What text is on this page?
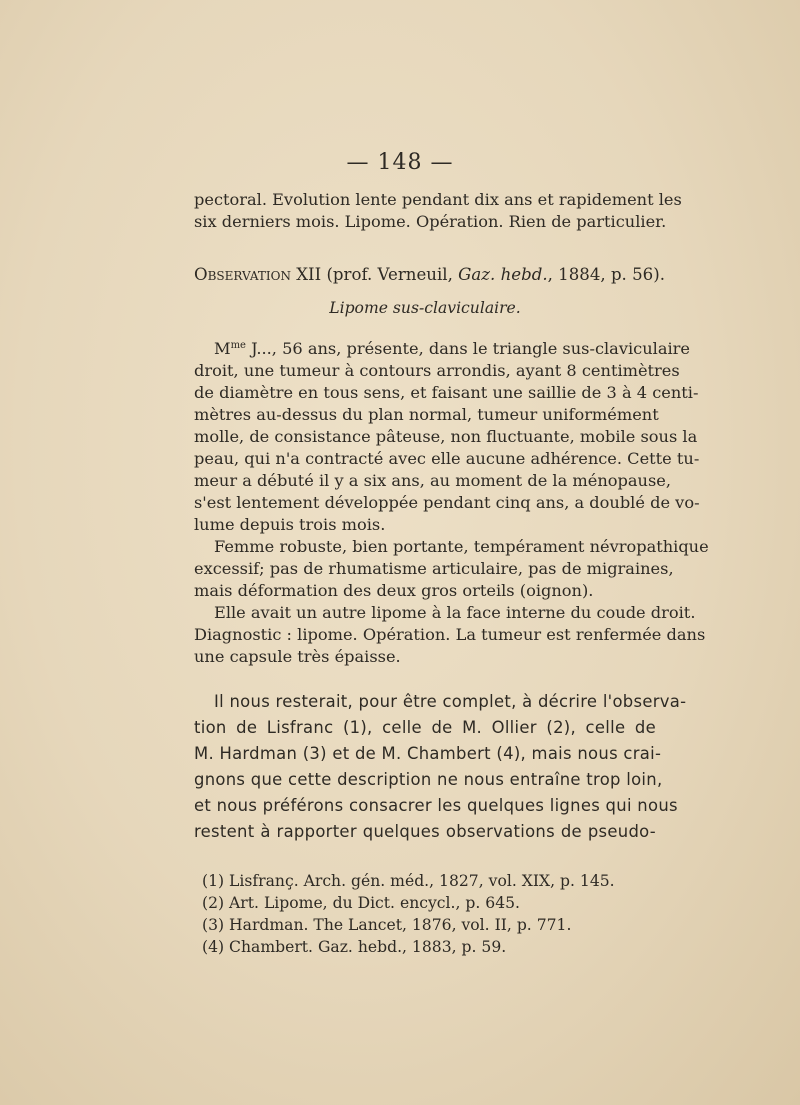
— 148 —
pectoral. Evolution lente pendant dix ans et rapidement les
six derniers mois. Lipome. Opération. Rien de particulier.
Observation XII (prof. Verneuil, Gaz. hebd., 1884, p. 56).
Lipome sus-claviculaire.
$M^{me}$ J..., 56 ans, présente, dans le triangle sus-claviculaire
droit, une tumeur à contours arrondis, ayant 8 centimètres
de diamètre en tous sens, et faisant une saillie de 3 à 4 centi-
mètres au-dessus du plan normal, tumeur uniformément
molle, de consistance pâteuse, non fluctuante, mobile sous la
peau, qui n'a contracté avec elle aucune adhérence. Cette tu-
meur a débuté il y a six ans, au moment de la ménopause,
s'est lentement développée pendant cinq ans, a doublé de vo-
lume depuis trois mois.
Femme robuste, bien portante, tempérament névropathique
excessif; pas de rhumatisme articulaire, pas de migraines,
mais déformation des deux gros orteils (oignon).
Elle avait un autre lipome à la face interne du coude droit.
Diagnostic : lipome. Opération. La tumeur est renfermée dans
une capsule très épaisse.
Il nous resterait, pour être complet, à décrire l'observa-
tion de Lisfranc (1), celle de M. Ollier (2), celle de
M. Hardman (3) et de M. Chambert (4), mais nous crai-
gnons que cette description ne nous entraîne trop loin,
et nous préférons consacrer les quelques lignes qui nous
restent à rapporter quelques observations de pseudo-
(1) Lisfranç. Arch. gén. méd., 1827, vol. XIX, p. 145.
(2) Art. Lipome, du Dict. encycl., p. 645.
(3) Hardman. The Lancet, 1876, vol. II, p. 771.
(4) Chambert. Gaz. hebd., 1883, p. 59.
